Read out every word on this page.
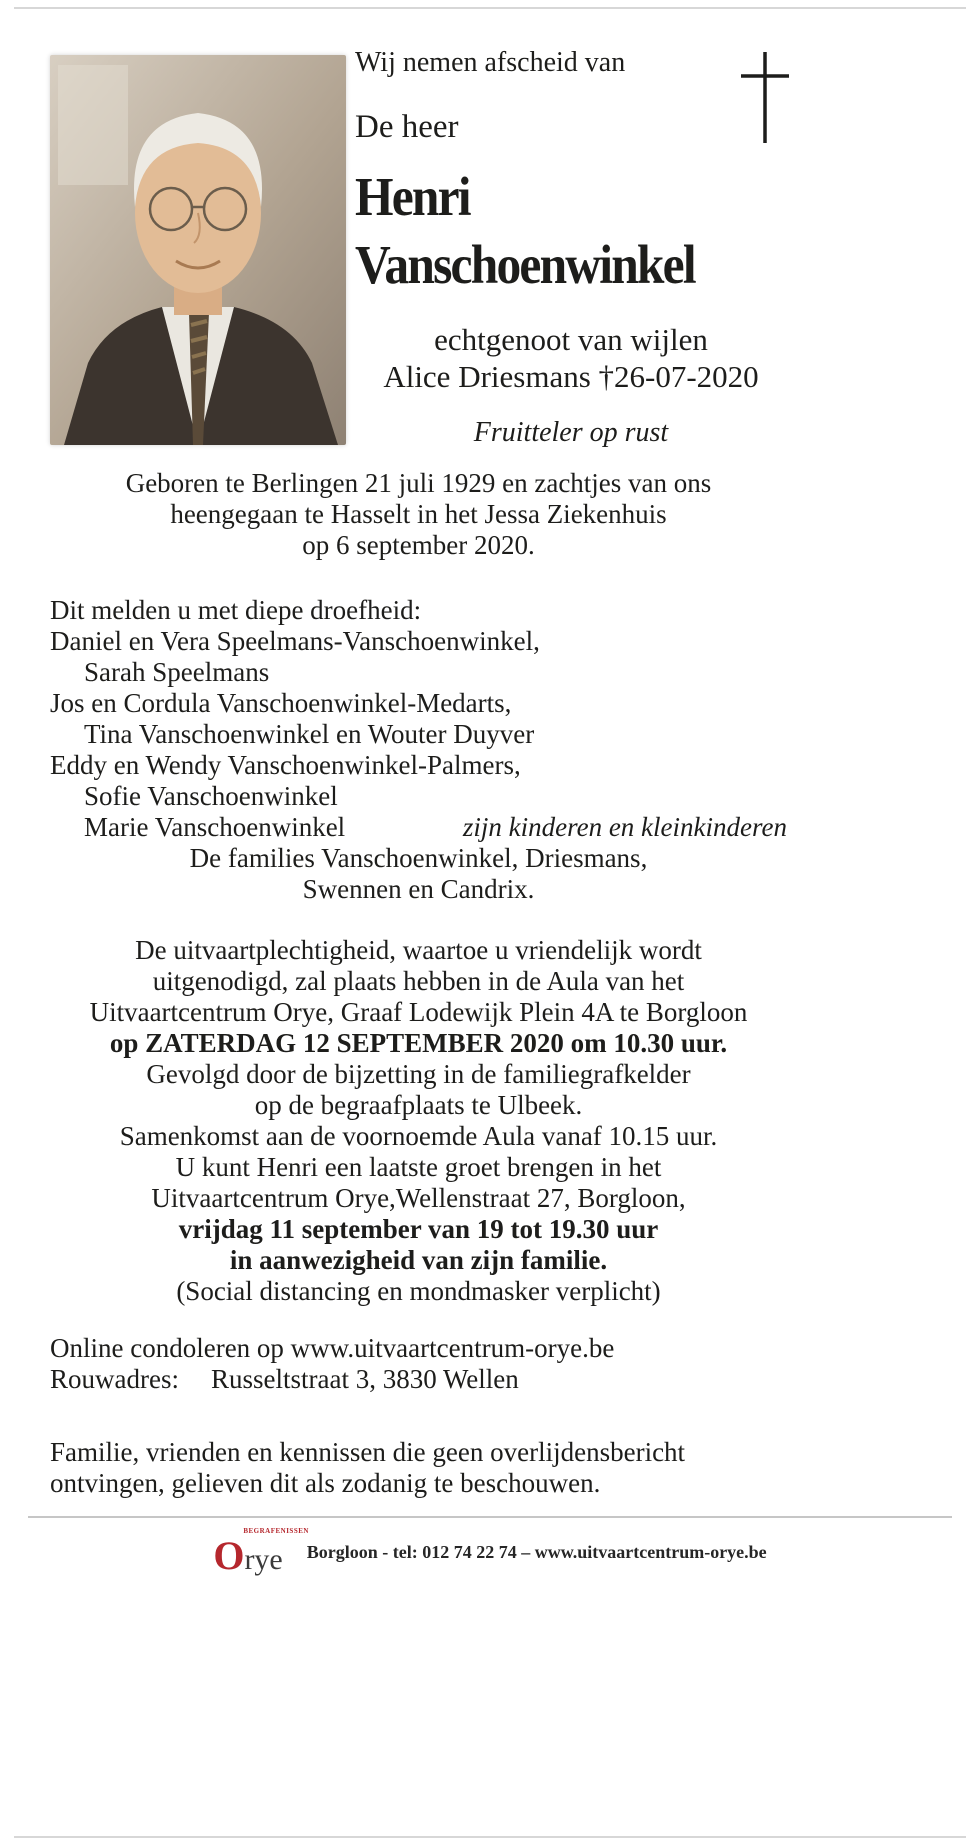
Wij nemen afscheid van
De heer
Henri
Vanschoenwinkel
echtgenoot van wijlen
Alice Driesmans †26-07-2020
Fruitteler op rust
Geboren te Berlingen 21 juli 1929 en zachtjes van ons
heengegaan te Hasselt in het Jessa Ziekenhuis
op 6 september 2020.
Dit melden u met diepe droefheid:
Daniel en Vera Speelmans-Vanschoenwinkel,
Sarah Speelmans
Jos en Cordula Vanschoenwinkel-Medarts,
Tina Vanschoenwinkel en Wouter Duyver
Eddy en Wendy Vanschoenwinkel-Palmers,
Sofie Vanschoenwinkel
Marie Vanschoenwinkel	zijn kinderen en kleinkinderen
De families Vanschoenwinkel, Driesmans,
Swennen en Candrix.
De uitvaartplechtigheid, waartoe u vriendelijk wordt
uitgenodigd, zal plaats hebben in de Aula van het
Uitvaartcentrum Orye, Graaf Lodewijk Plein 4A te Borgloon
op ZATERDAG 12 SEPTEMBER 2020 om 10.30 uur.
Gevolgd door de bijzetting in de familiegrafkelder
op de begraafplaats te Ulbeek.
Samenkomst aan de voornoemde Aula vanaf 10.15 uur.
U kunt Henri een laatste groet brengen in het
Uitvaartcentrum Orye,Wellenstraat 27, Borgloon,
vrijdag 11 september van 19 tot 19.30 uur
in aanwezigheid van zijn familie.
(Social distancing en mondmasker verplicht)
Online condoleren op www.uitvaartcentrum-orye.be
Rouwadres: Russeltstraat 3, 3830 Wellen
Familie, vrienden en kennissen die geen overlijdensbericht
ontvingen, gelieven dit als zodanig te beschouwen.
BEGRAFENISSEN
Orye Borgloon - tel: 012 74 22 74 – www.uitvaartcentrum-orye.be
